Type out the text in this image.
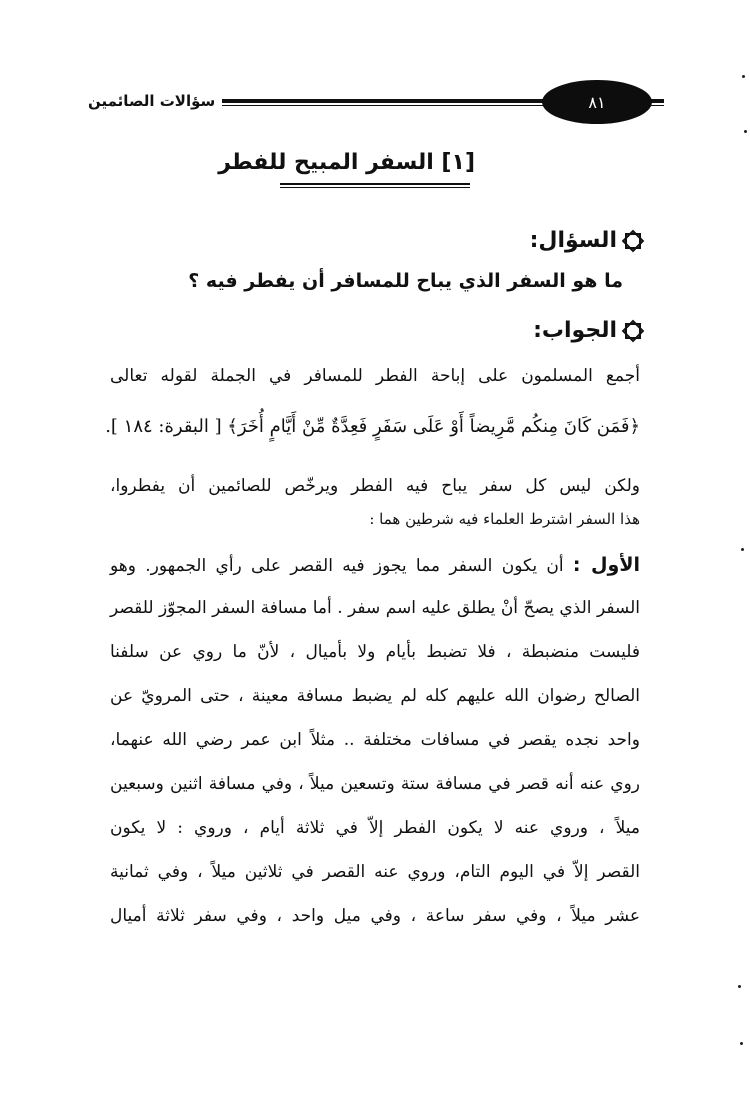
سؤالات الصائمين	٨١
[١] السفر المبيح للفطر
السؤال:
ما هو السفر الذي يباح للمسافر أن يفطر فيه ؟
الجواب:
أجمع المسلمون على إباحة الفطر للمسافر في الجملة لقوله تعالى
﴿فَمَن كَانَ مِنكُم مَّرِيضاً أَوْ عَلَى سَفَرٍ فَعِدَّةٌ مِّنْ أَيَّامٍ أُخَرَ﴾ [ البقرة: ١٨٤ ].
ولكن ليس كل سفر يباح فيه الفطر ويرخّص للصائمين أن يفطروا،
هذا السفر اشترط العلماء فيه شرطين هما :
الأول : أن يكون السفر مما يجوز فيه القصر على رأي الجمهور. وهو
السفر الذي يصحّ أنْ يطلق عليه اسم سفر . أما مسافة السفر المجوّز للقصر
فليست منضبطة ، فلا تضبط بأيام ولا بأميال ، لأنّ ما روي عن سلفنا
الصالح رضوان الله عليهم كله لم يضبط مسافة معينة ، حتى المرويّ عن
واحد نجده يقصر في مسافات مختلفة .. مثلاً ابن عمر رضي الله عنهما،
روي عنه أنه قصر في مسافة ستة وتسعين ميلاً ، وفي مسافة اثنين وسبعين
ميلاً ، وروي عنه لا يكون الفطر إلاّ في ثلاثة أيام ، وروي : لا يكون
القصر إلاّ في اليوم التام، وروي عنه القصر في ثلاثين ميلاً ، وفي ثمانية
عشر ميلاً ، وفي سفر ساعة ، وفي ميل واحد ، وفي سفر ثلاثة أميال
